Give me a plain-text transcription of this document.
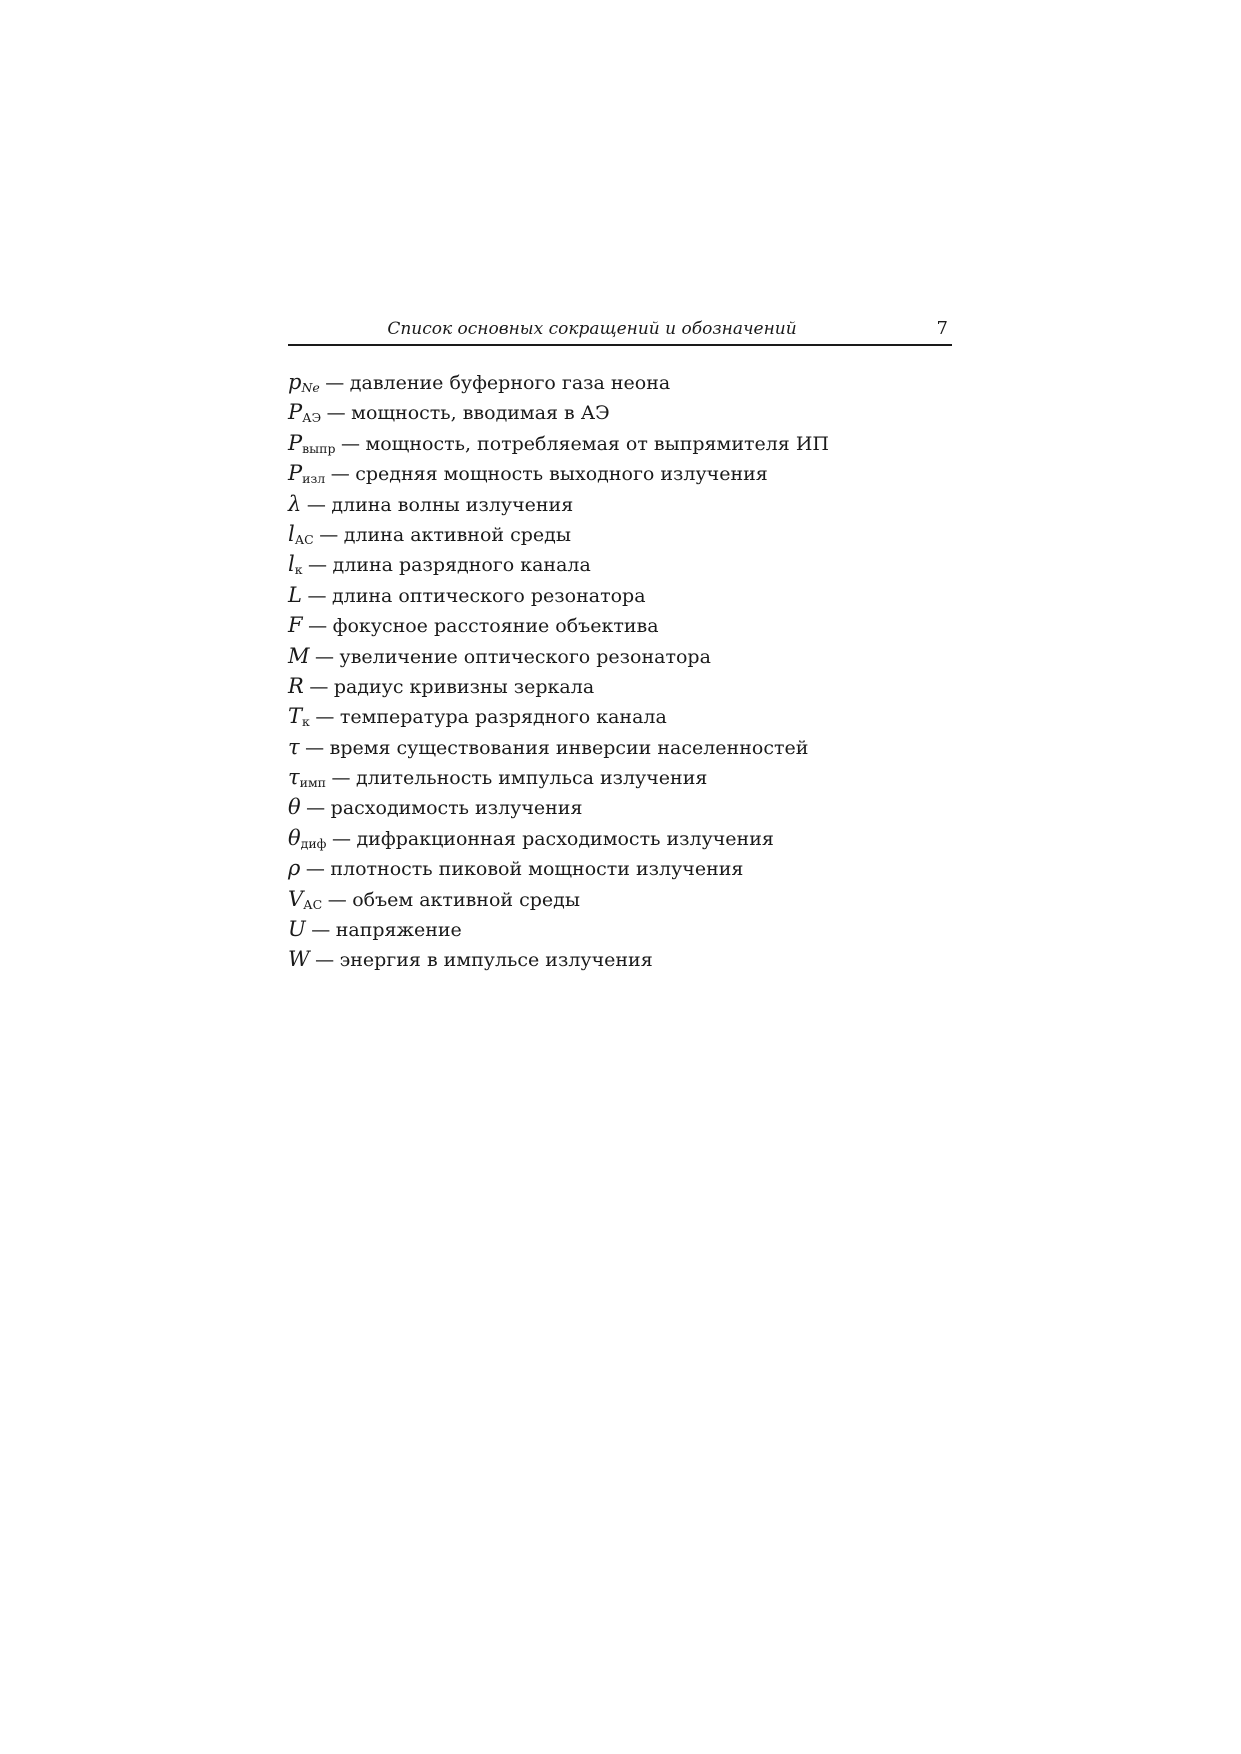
Список основных сокращений и обозначений	7
$p_{Ne}$ — давление буферного газа неона
$P_{АЭ}$ — мощность, вводимая в АЭ
$P_{выпр}$ — мощность, потребляемая от выпрямителя ИП
$P_{изл}$ — средняя мощность выходного излучения
λ — длина волны излучения
$l_{АС}$ — длина активной среды
$l_к$ — длина разрядного канала
L — длина оптического резонатора
F — фокусное расстояние объектива
M — увеличение оптического резонатора
R — радиус кривизны зеркала
$T_к$ — температура разрядного канала
τ — время существования инверсии населенностей
$\tau_{имп}$ — длительность импульса излучения
θ — расходимость излучения
$\theta_{диф}$ — дифракционная расходимость излучения
ρ — плотность пиковой мощности излучения
$V_{АС}$ — объем активной среды
U — напряжение
W — энергия в импульсе излучения
